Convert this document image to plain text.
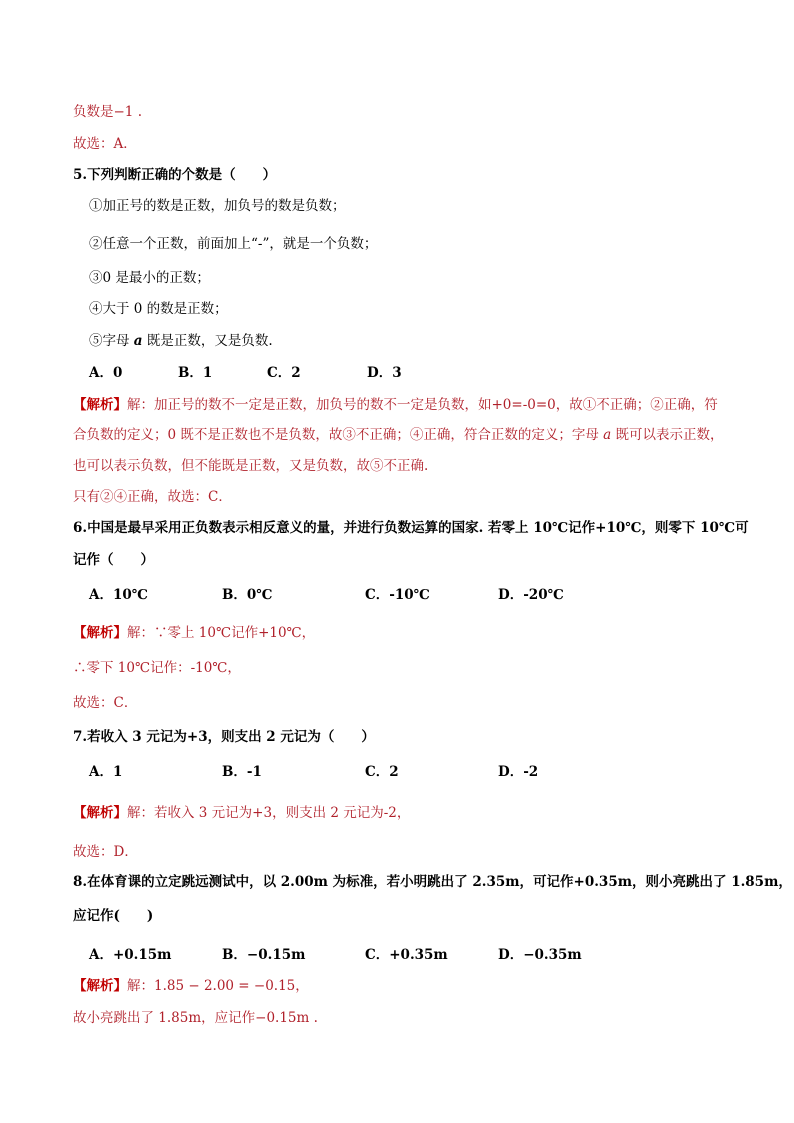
负数是−1 .
故选：A．
5.下列判断正确的个数是（　　）
①加正号的数是正数，加负号的数是负数；
②任意一个正数，前面加上“-”，就是一个负数；
③0 是最小的正数；
④大于 0 的数是正数；
⑤字母 a 既是正数，又是负数.
A．0	B．1	C．2	D．3
【解析】解：加正号的数不一定是正数，加负号的数不一定是负数，如+0=-0=0，故①不正确；②正确，符
合负数的定义；0 既不是正数也不是负数，故③不正确；④正确，符合正数的定义；字母 a 既可以表示正数，
也可以表示负数，但不能既是正数，又是负数，故⑤不正确.
只有②④正确，故选：C．
6.中国是最早采用正负数表示相反意义的量，并进行负数运算的国家. 若零上 10℃记作+10℃，则零下 10℃可
记作（　　）
A．10℃	B．0℃	C．-10℃	D．-20℃
【解析】解：∵零上 10℃记作+10℃，
∴零下 10℃记作：-10℃，
故选：C．
7.若收入 3 元记为+3，则支出 2 元记为（　　）
A．1	B．-1	C．2	D．-2
【解析】解：若收入 3 元记为+3，则支出 2 元记为-2，
故选：D．
8.在体育课的立定跳远测试中，以 2.00m 为标准，若小明跳出了 2.35m，可记作+0.35m，则小亮跳出了 1.85m，
应记作(　　)
A．+0.15m	B．−0.15m	C．+0.35m	D．−0.35m
【解析】解：1.85 − 2.00 = −0.15，
故小亮跳出了 1.85m，应记作−0.15m .
